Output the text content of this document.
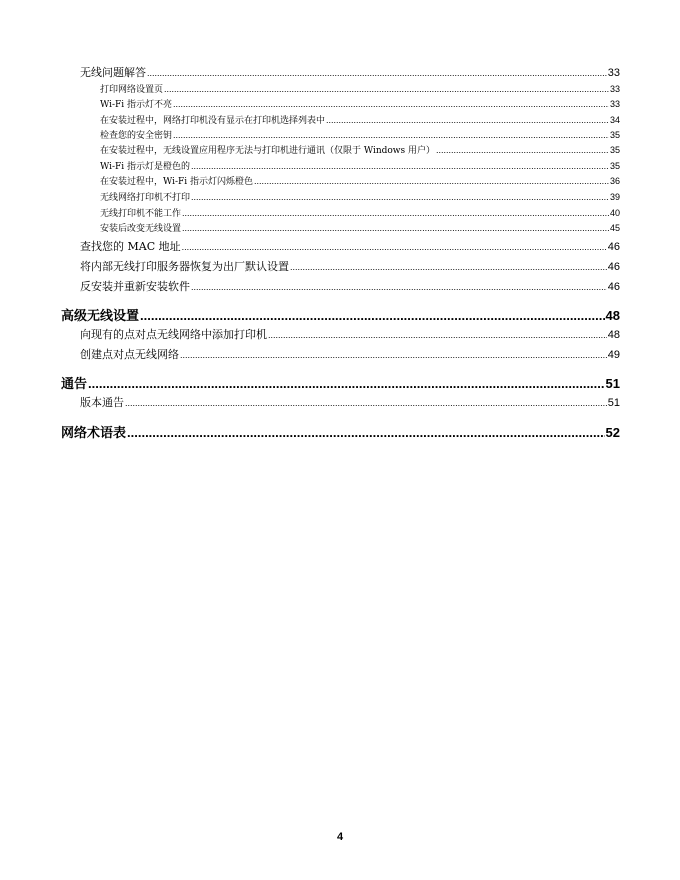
无线问题解答 .....	33
打印网络设置页 .....	33
Wi-Fi 指示灯不亮 .....	33
在安装过程中，网络打印机没有显示在打印机选择列表中 .....	34
检查您的安全密钥 .....	35
在安装过程中，无线设置应用程序无法与打印机进行通讯（仅限于 Windows 用户） .....	35
Wi-Fi 指示灯是橙色的 .....	35
在安装过程中，Wi-Fi 指示灯闪烁橙色 .....	36
无线网络打印机不打印 .....	39
无线打印机不能工作 .....	40
安装后改变无线设置 .....	45
查找您的 MAC 地址 .....	46
将内部无线打印服务器恢复为出厂默认设置 .....	46
反安装并重新安装软件 .....	46
高级无线设置 .....	48
向现有的点对点无线网络中添加打印机 .....	48
创建点对点无线网络 .....	49
通告 .....	51
版本通告 .....	51
网络术语表 .....	52
4
